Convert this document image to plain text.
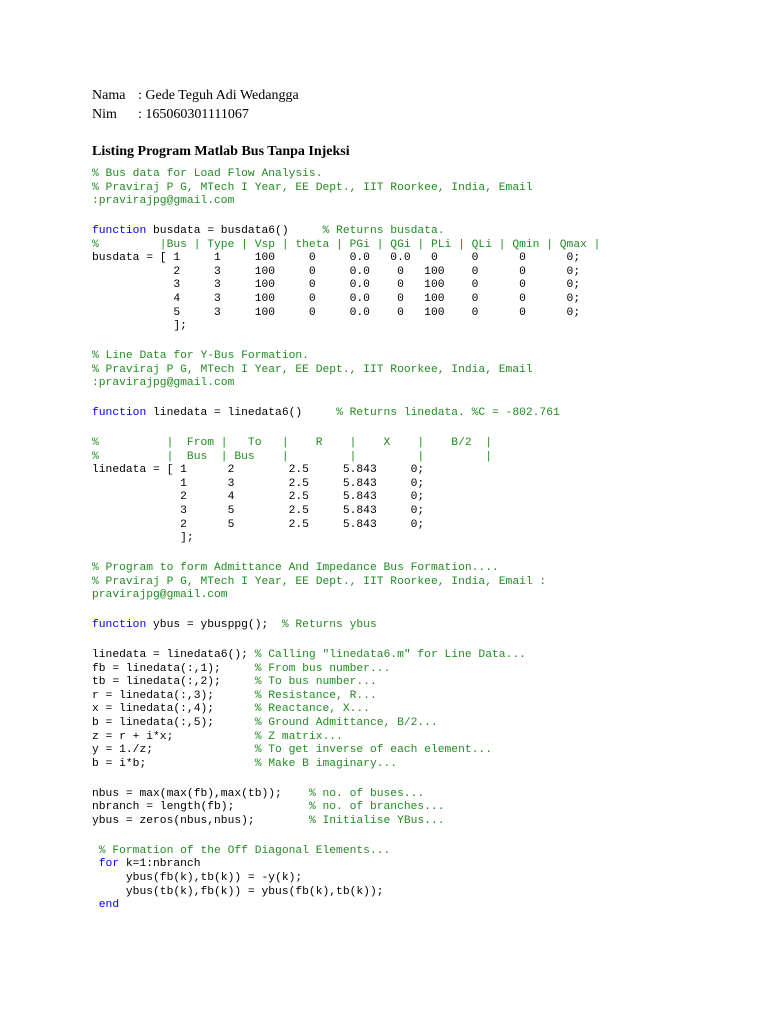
Nama : Gede Teguh Adi Wedangga
Nim : 165060301111067
Listing Program Matlab Bus Tanpa Injeksi
% Bus data for Load Flow Analysis.
% Praviraj P G, MTech I Year, EE Dept., IIT Roorkee, India, Email
:pravirajpg@gmail.com
function busdata = busdata6()     % Returns busdata.
%         |Bus | Type | Vsp | theta | PGi | QGi | PLi | QLi | Qmin | Qmax |
busdata = [ 1     1     100     0     0.0   0.0   0     0      0      0;
2     3     100     0     0.0    0   100    0      0      0;
3     3     100     0     0.0    0   100    0      0      0;
4     3     100     0     0.0    0   100    0      0      0;
5     3     100     0     0.0    0   100    0      0      0;
];
% Line Data for Y-Bus Formation.
% Praviraj P G, MTech I Year, EE Dept., IIT Roorkee, India, Email
:pravirajpg@gmail.com
function linedata = linedata6()     % Returns linedata. %C = -802.761
%          |  From |   To   |    R    |    X    |    B/2  |
%          |  Bus  | Bus    |         |         |         |
linedata = [ 1      2        2.5     5.843     0;
1      3        2.5     5.843     0;
2      4        2.5     5.843     0;
3      5        2.5     5.843     0;
2      5        2.5     5.843     0;
];
% Program to form Admittance And Impedance Bus Formation....
% Praviraj P G, MTech I Year, EE Dept., IIT Roorkee, India, Email :
pravirajpg@gmail.com
function ybus = ybusppg();  % Returns ybus
linedata = linedata6(); % Calling "linedata6.m" for Line Data...
fb = linedata(:,1);     % From bus number...
tb = linedata(:,2);     % To bus number...
r = linedata(:,3);      % Resistance, R...
x = linedata(:,4);      % Reactance, X...
b = linedata(:,5);      % Ground Admittance, B/2...
z = r + i*x;            % Z matrix...
y = 1./z;               % To get inverse of each element...
b = i*b;                % Make B imaginary...
nbus = max(max(fb),max(tb));    % no. of buses...
nbranch = length(fb);           % no. of branches...
ybus = zeros(nbus,nbus);        % Initialise YBus...
% Formation of the Off Diagonal Elements...
for k=1:nbranch
ybus(fb(k),tb(k)) = -y(k);
ybus(tb(k),fb(k)) = ybus(fb(k),tb(k));
end
